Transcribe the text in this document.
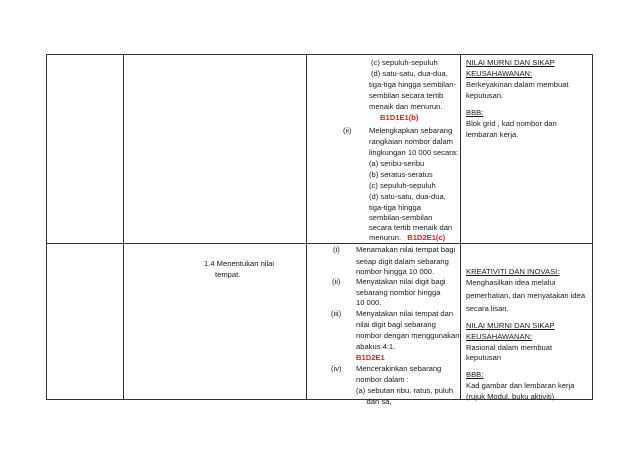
(c) sepuluh-sepuluh
(d) satu-satu, dua-dua,
tiga-tiga hingga sembilan-
sembilan secara tertib
menaik dan menurun.
B1D1E1(b)
(ii) Melengkapkan sebarang
rangkaian nombor dalam
lingkungan 10 000 secara:
(a) seribu-seribu
(b) seratus-seratus
(c) sepuluh-sepuluh
(d) satu-satu, dua-dua,
tiga-tiga hingga
sembilan-sembilan
secara tertib menaik dan
menurun. B1D2E1(c)
NILAI MURNI DAN SIKAP
KEUSAHAWANAN:
Berkeyakinan dalam membuat
keputusan.
BBB:
Blok grid , kad nombor dan
lembaran kerja.
1.4 Menentukan nilai
tempat.
(i) Menamakan nilai tempat bagi
setiap digit dalam sebarang
nombor hingga 10 000.
(ii) Menyatakan nilai digit bagi
sebarang nombor hingga
10 000.
(iii) Menyatakan nilai tempat dan
nilai digit bagi sebarang
nombor dengan menggunakan
abakus 4:1.
B1D2E1
(iv) Mencerakinkan sebarang
nombor dalam :
(a) sebutan ribu, ratus, puluh
dan sa,
KREATIVITI DAN INOVASI:
Menghasilkan idea melalui
pemerhatian, dan menyatakan idea
secara lisan.
NILAI MURNI DAN SIKAP
KEUSAHAWANAN:
Rasional dalam membuat
keputusan
BBB:
Kad gambar dan lembaran kerja
(rujuk Modul, buku aktiviti)
